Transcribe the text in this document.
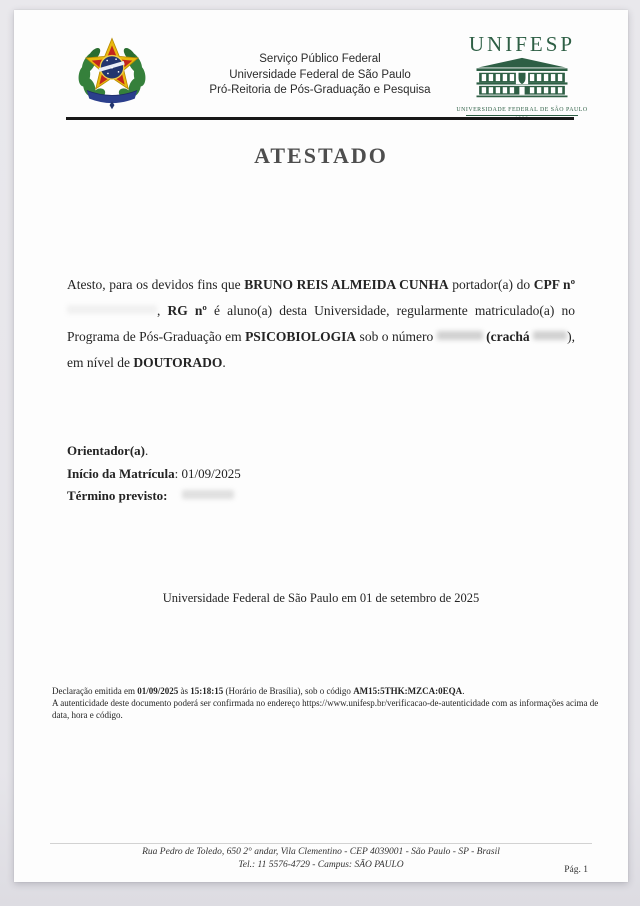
Serviço Público Federal
Universidade Federal de São Paulo
Pró-Reitoria de Pós-Graduação e Pesquisa
UNIFESP
UNIVERSIDADE FEDERAL DE SÃO PAULO
ATESTADO

Atesto, para os devidos fins que BRUNO REIS ALMEIDA CUNHA portador(a) do CPF nº, RG nº é aluno(a) desta Universidade, regularmente matriculado(a) no Programa de Pós-Graduação em PSICOBIOLOGIA sob o número	(crachá	), em nível de DOUTORADO.

Orientador(a).
Início da Matrícula: 01/09/2025
Término previsto:
Universidade Federal de São Paulo em 01 de setembro de 2025
Declaração emitida em 01/09/2025 às 15:18:15 (Horário de Brasília), sob o código AM15:5THK:MZCA:0EQA.
A autenticidade deste documento poderá ser confirmada no endereço https://www.unifesp.br/verificacao-de-autenticidade com as informações acima de data, hora e código.
Rua Pedro de Toledo, 650 2° andar, Vila Clementino - CEP 4039001 - São Paulo - SP - Brasil
Tel.: 11 5576-4729 - Campus: SÃO PAULO
Pág. 1
